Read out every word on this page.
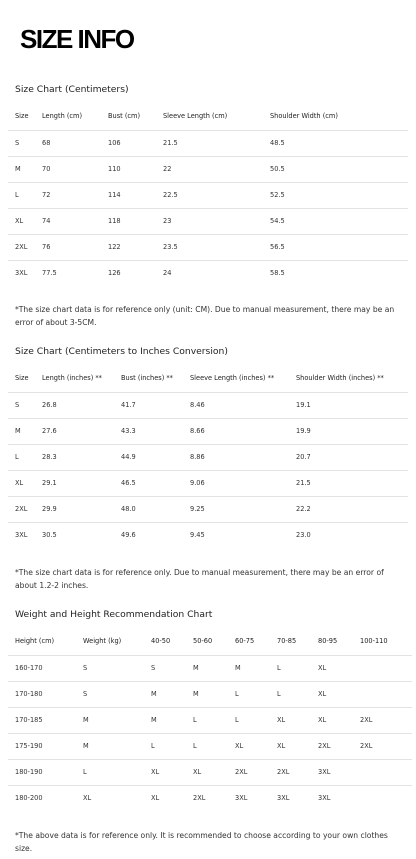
SIZE INFO
Size Chart (Centimeters)
Size	Length (cm)	Bust (cm)	Sleeve Length (cm)	Shoulder Width (cm)
S	68	106	21.5	48.5
M	70	110	22	50.5
L	72	114	22.5	52.5
XL	74	118	23	54.5
2XL	76	122	23.5	56.5
3XL	77.5	126	24	58.5
*The size chart data is for reference only (unit: CM). Due to manual measurement, there may be an error of about 3-5CM.
Size Chart (Centimeters to Inches Conversion)
Size	Length (inches) **	Bust (inches) **	Sleeve Length (inches) **	Shoulder Width (inches) **
S	26.8	41.7	8.46	19.1
M	27.6	43.3	8.66	19.9
L	28.3	44.9	8.86	20.7
XL	29.1	46.5	9.06	21.5
2XL	29.9	48.0	9.25	22.2
3XL	30.5	49.6	9.45	23.0
*The size chart data is for reference only. Due to manual measurement, there may be an error of about 1.2-2 inches.
Weight and Height Recommendation Chart
Height (cm)	Weight (kg)	40-50	50-60	60-75	70-85	80-95	100-110
160-170	S	S	M	M	L	XL	
170-180	S	M	M	L	L	XL	
170-185	M	M	L	L	XL	XL	2XL
175-190	M	L	L	XL	XL	2XL	2XL
180-190	L	XL	XL	2XL	2XL	3XL	
180-200	XL	XL	2XL	3XL	3XL	3XL	
*The above data is for reference only. It is recommended to choose according to your own clothes size.
